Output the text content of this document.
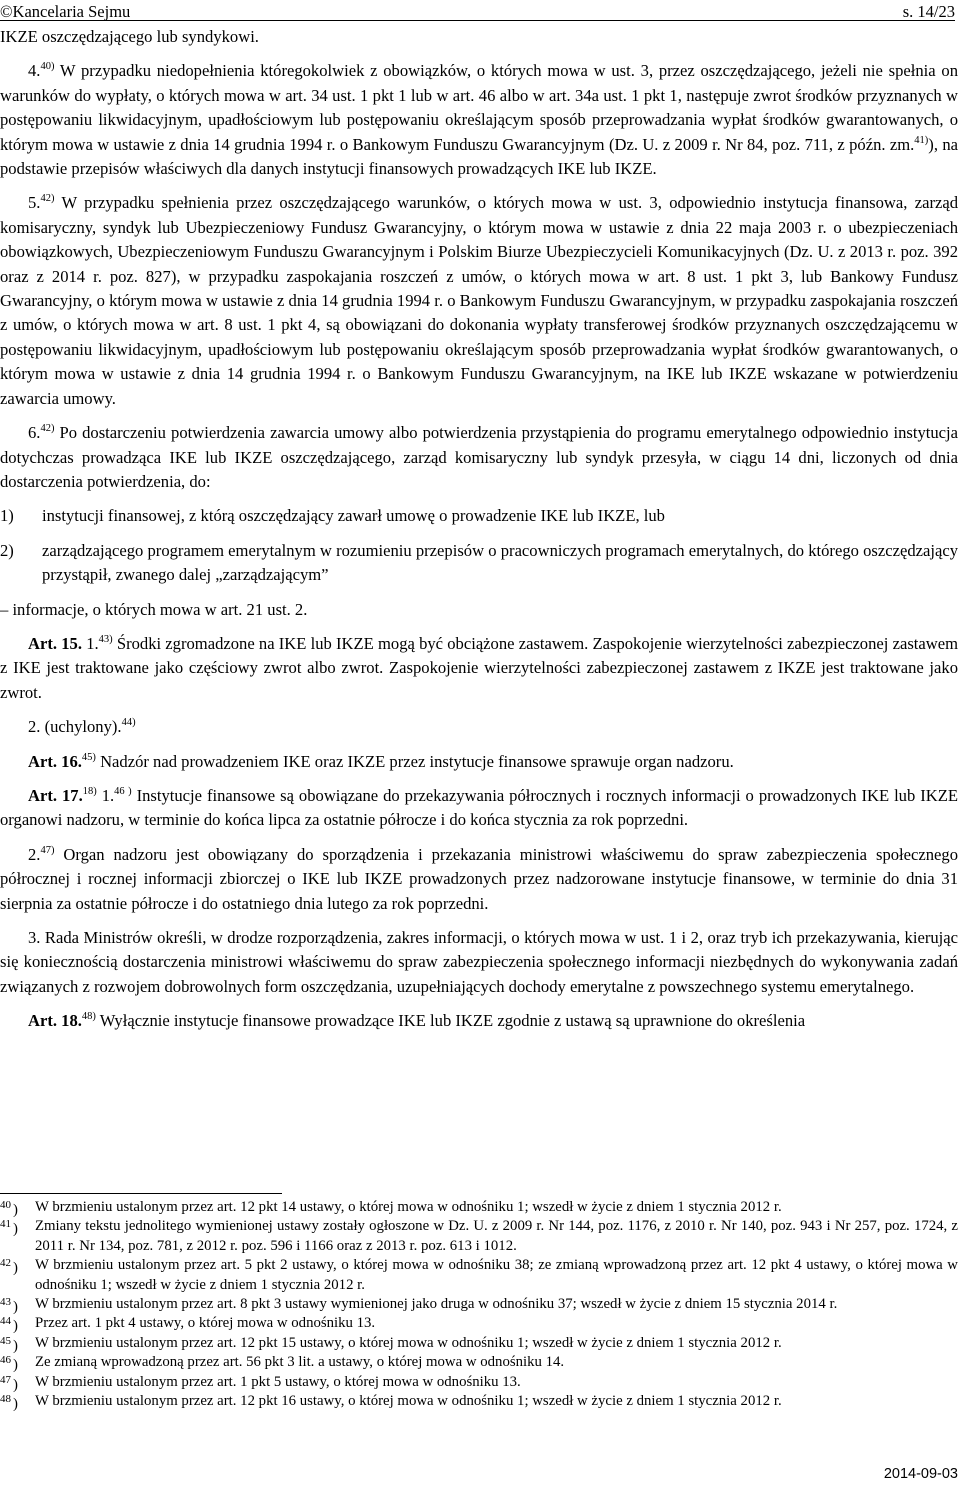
©Kancelaria Sejmu	s. 14/23

IKZE oszczędzającego lub syndykowi.

4.$^{40)}$ W przypadku niedopełnienia któregokolwiek z obowiązków, o których mowa w ust. 3, przez oszczędzającego, jeżeli nie spełnia on warunków do wypłaty, o których mowa w art. 34 ust. 1 pkt 1 lub w art. 46 albo w art. 34a ust. 1 pkt 1, następuje zwrot środków przyznanych w postępowaniu likwidacyjnym, upadłościowym lub postępowaniu określającym sposób przeprowadzania wypłat środków gwarantowanych, o którym mowa w ustawie z dnia 14 grudnia 1994 r. o Bankowym Funduszu Gwarancyjnym (Dz. U. z 2009 r. Nr 84, poz. 711, z późn. zm.$^{41)}$), na podstawie przepisów właściwych dla danych instytucji finansowych prowadzących IKE lub IKZE.

5.$^{42)}$ W przypadku spełnienia przez oszczędzającego warunków, o których mowa w ust. 3, odpowiednio instytucja finansowa, zarząd komisaryczny, syndyk lub Ubezpieczeniowy Fundusz Gwarancyjny, o którym mowa w ustawie z dnia 22 maja 2003 r. o ubezpieczeniach obowiązkowych, Ubezpieczeniowym Funduszu Gwarancyjnym i Polskim Biurze Ubezpieczycieli Komunikacyjnych (Dz. U. z 2013 r. poz. 392 oraz z 2014 r. poz. 827), w przypadku zaspokajania roszczeń z umów, o których mowa w art. 8 ust. 1 pkt 3, lub Bankowy Fundusz Gwarancyjny, o którym mowa w ustawie z dnia 14 grudnia 1994 r. o Bankowym Funduszu Gwarancyjnym, w przypadku zaspokajania roszczeń z umów, o których mowa w art. 8 ust. 1 pkt 4, są obowiązani do dokonania wypłaty transferowej środków przyznanych oszczędzającemu w postępowaniu likwidacyjnym, upadłościowym lub postępowaniu określającym sposób przeprowadzania wypłat środków gwarantowanych, o którym mowa w ustawie z dnia 14 grudnia 1994 r. o Bankowym Funduszu Gwarancyjnym, na IKE lub IKZE wskazane w potwierdzeniu zawarcia umowy.

6.$^{42)}$ Po dostarczeniu potwierdzenia zawarcia umowy albo potwierdzenia przystąpienia do programu emerytalnego odpowiednio instytucja dotychczas prowadząca IKE lub IKZE oszczędzającego, zarząd komisaryczny lub syndyk przesyła, w ciągu 14 dni, liczonych od dnia dostarczenia potwierdzenia, do:

1) instytucji finansowej, z którą oszczędzający zawarł umowę o prowadzenie IKE lub IKZE, lub

2) zarządzającego programem emerytalnym w rozumieniu przepisów o pracowniczych programach emerytalnych, do którego oszczędzający przystąpił, zwanego dalej „zarządzającym”

– informacje, o których mowa w art. 21 ust. 2.

Art. 15. 1.$^{43)}$ Środki zgromadzone na IKE lub IKZE mogą być obciążone zastawem. Zaspokojenie wierzytelności zabezpieczonej zastawem z IKE jest traktowane jako częściowy zwrot albo zwrot. Zaspokojenie wierzytelności zabezpieczonej zastawem z IKZE jest traktowane jako zwrot.

2. (uchylony).$^{44)}$

Art. 16.$^{45)}$ Nadzór nad prowadzeniem IKE oraz IKZE przez instytucje finansowe sprawuje organ nadzoru.

Art. 17.$^{18)}$ 1.$^{46 )}$ Instytucje finansowe są obowiązane do przekazywania półrocznych i rocznych informacji o prowadzonych IKE lub IKZE organowi nadzoru, w terminie do końca lipca za ostatnie półrocze i do końca stycznia za rok poprzedni.

2.$^{47)}$ Organ nadzoru jest obowiązany do sporządzenia i przekazania ministrowi właściwemu do spraw zabezpieczenia społecznego półrocznej i rocznej informacji zbiorczej o IKE lub IKZE prowadzonych przez nadzorowane instytucje finansowe, w terminie do dnia 31 sierpnia za ostatnie półrocze i do ostatniego dnia lutego za rok poprzedni.

3. Rada Ministrów określi, w drodze rozporządzenia, zakres informacji, o których mowa w ust. 1 i 2, oraz tryb ich przekazywania, kierując się koniecznością dostarczenia ministrowi właściwemu do spraw zabezpieczenia społecznego informacji niezbędnych do wykonywania zadań związanych z rozwojem dobrowolnych form oszczędzania, uzupełniających dochody emerytalne z powszechnego systemu emerytalnego.

Art. 18.$^{48)}$ Wyłącznie instytucje finansowe prowadzące IKE lub IKZE zgodnie z ustawą są uprawnione do określenia

40 ) W brzmieniu ustalonym przez art. 12 pkt 14 ustawy, o której mowa w odnośniku 1; wszedł w życie z dniem 1 stycznia 2012 r.
41 ) Zmiany tekstu jednolitego wymienionej ustawy zostały ogłoszone w Dz. U. z 2009 r. Nr 144, poz. 1176, z 2010 r. Nr 140, poz. 943 i Nr 257, poz. 1724, z 2011 r. Nr 134, poz. 781, z 2012 r. poz. 596 i 1166 oraz z 2013 r. poz. 613 i 1012.
42 ) W brzmieniu ustalonym przez art. 5 pkt 2 ustawy, o której mowa w odnośniku 38; ze zmianą wprowadzoną przez art. 12 pkt 4 ustawy, o której mowa w odnośniku 1; wszedł w życie z dniem 1 stycznia 2012 r.
43 ) W brzmieniu ustalonym przez art. 8 pkt 3 ustawy wymienionej jako druga w odnośniku 37; wszedł w życie z dniem 15 stycznia 2014 r.
44 ) Przez art. 1 pkt 4 ustawy, o której mowa w odnośniku 13.
45 ) W brzmieniu ustalonym przez art. 12 pkt 15 ustawy, o której mowa w odnośniku 1; wszedł w życie z dniem 1 stycznia 2012 r.
46 ) Ze zmianą wprowadzoną przez art. 56 pkt 3 lit. a ustawy, o której mowa w odnośniku 14.
47 ) W brzmieniu ustalonym przez art. 1 pkt 5 ustawy, o której mowa w odnośniku 13.
48 ) W brzmieniu ustalonym przez art. 12 pkt 16 ustawy, o której mowa w odnośniku 1; wszedł w życie z dniem 1 stycznia 2012 r.
2014-09-03
